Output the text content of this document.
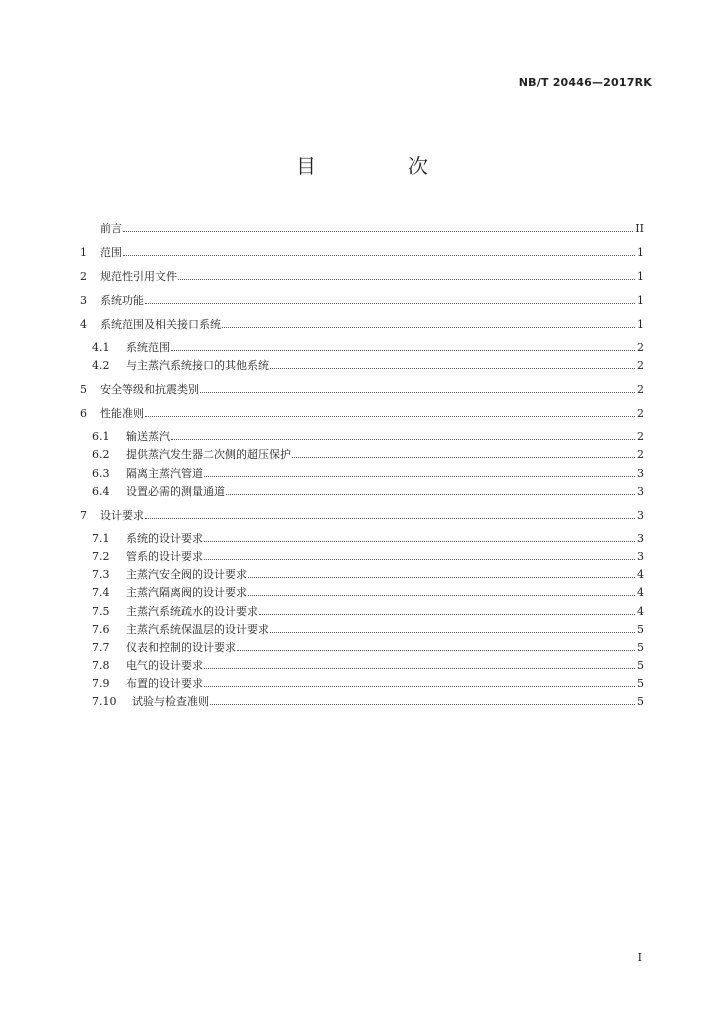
NB/T 20446—2017RK
目　次
前言	II
1	范围	1
2	规范性引用文件	1
3	系统功能	1
4	系统范围及相关接口系统	1
4.1	系统范围	2
4.2	与主蒸汽系统接口的其他系统	2
5	安全等级和抗震类别	2
6	性能准则	2
6.1	输送蒸汽	2
6.2	提供蒸汽发生器二次侧的超压保护	2
6.3	隔离主蒸汽管道	3
6.4	设置必需的测量通道	3
7	设计要求	3
7.1	系统的设计要求	3
7.2	管系的设计要求	3
7.3	主蒸汽安全阀的设计要求	4
7.4	主蒸汽隔离阀的设计要求	4
7.5	主蒸汽系统疏水的设计要求	4
7.6	主蒸汽系统保温层的设计要求	5
7.7	仪表和控制的设计要求	5
7.8	电气的设计要求	5
7.9	布置的设计要求	5
7.10	试验与检查准则	5
I
